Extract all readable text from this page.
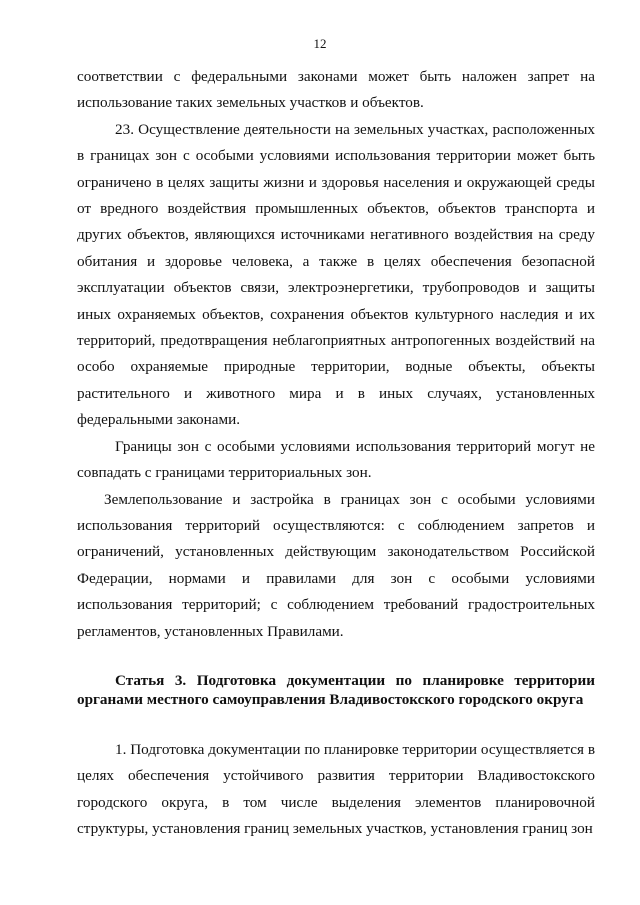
12

соответствии с федеральными законами может быть наложен запрет на использование таких земельных участков и объектов.

23. Осуществление деятельности на земельных участках, расположенных в границах зон с особыми условиями использования территории может быть ограничено в целях защиты жизни и здоровья населения и окружающей среды от вредного воздействия промышленных объектов, объектов транспорта и других объектов, являющихся источниками негативного воздействия на среду обитания и здоровье человека, а также в целях обеспечения безопасной эксплуатации объектов связи, электроэнергетики, трубопроводов и защиты иных охраняемых объектов, сохранения объектов культурного наследия и их территорий, предотвращения неблагоприятных антропогенных воздействий на особо охраняемые природные территории, водные объекты, объекты растительного и животного мира и в иных случаях, установленных федеральными законами.

Границы зон с особыми условиями использования территорий могут не совпадать с границами территориальных зон.

Землепользование и застройка в границах зон с особыми условиями использования территорий осуществляются: с соблюдением запретов и ограничений, установленных действующим законодательством Российской Федерации, нормами и правилами для зон с особыми условиями использования территорий; с соблюдением требований градостроительных регламентов, установленных Правилами.

Статья 3. Подготовка документации по планировке территории органами местного самоуправления Владивостокского городского округа

1. Подготовка документации по планировке территории осуществляется в целях обеспечения устойчивого развития территории Владивостокского городского округа, в том числе выделения элементов планировочной структуры, установления границ земельных участков, установления границ зон
